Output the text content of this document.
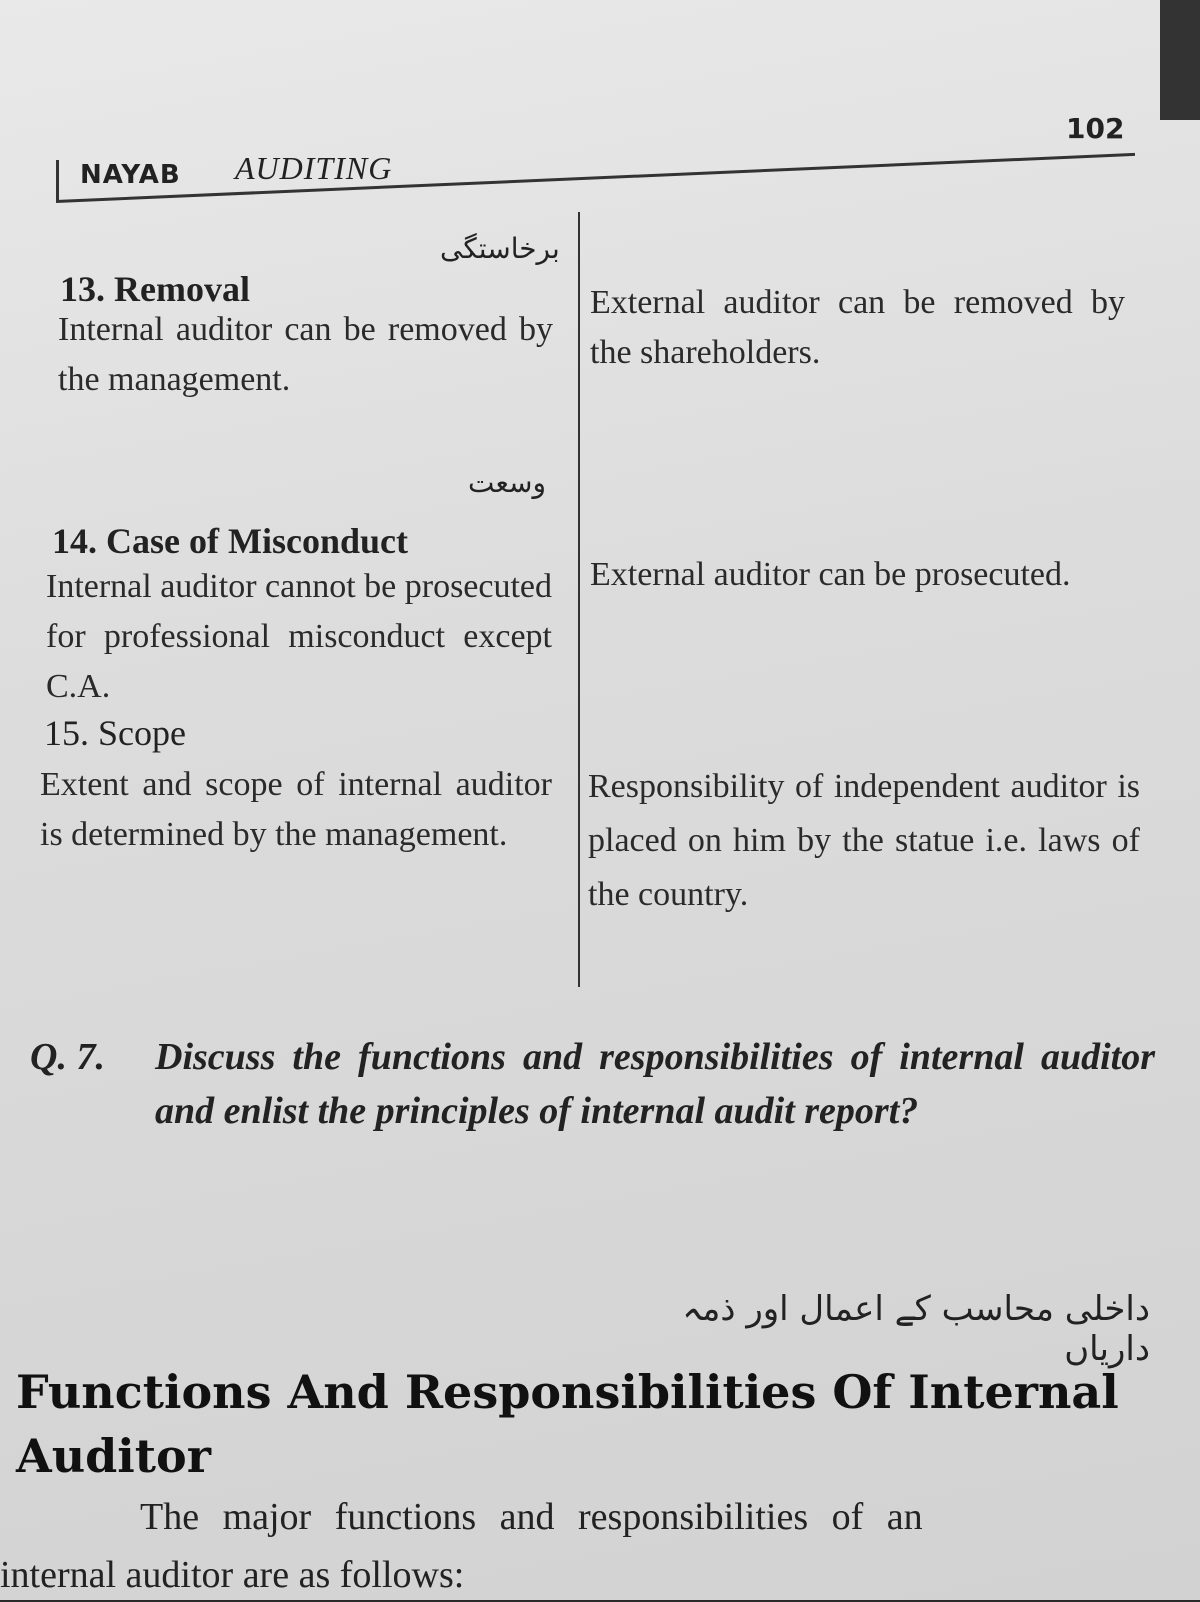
102
NAYAB AUDITING
برخاستگی
13. Removal
Internal auditor can be removed by the management.
External auditor can be removed by the shareholders.
وسعت
14. Case of Misconduct
Internal auditor cannot be prosecuted for professional misconduct except C.A.
External auditor can be prosecuted.
15. Scope
Extent and scope of internal auditor is determined by the management.
Responsibility of independent auditor is placed on him by the statue i.e. laws of the country.
Q. 7. Discuss the functions and responsibilities of internal auditor and enlist the principles of internal audit report?
داخلی محاسب کے اعمال اور ذمہ داریاں
Functions And Responsibilities Of Internal Auditor
The major functions and responsibilities of an
internal auditor are as follows:
